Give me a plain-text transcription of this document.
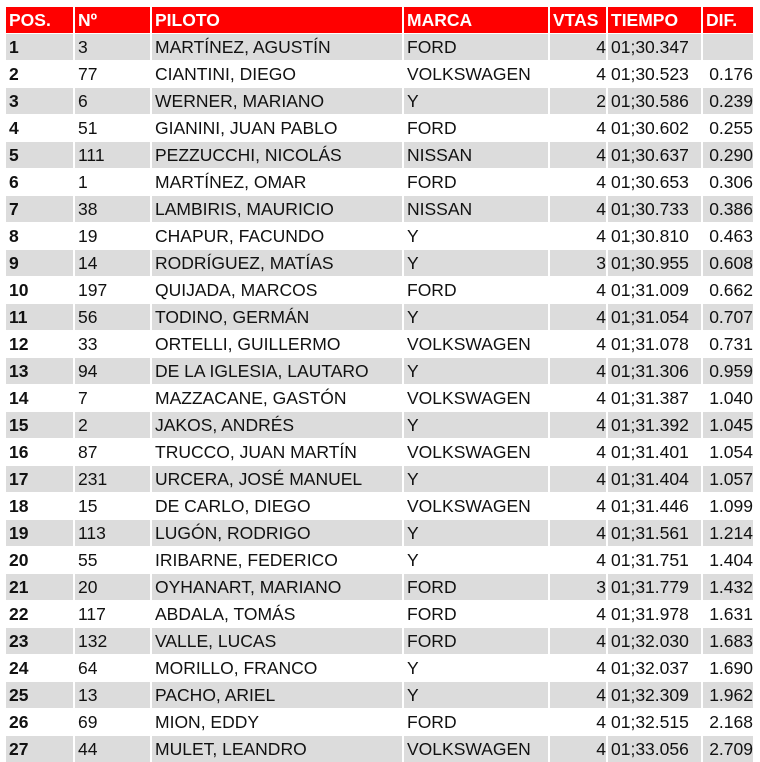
POS.	Nº	PILOTO	MARCA	VTAS	TIEMPO	DIF.
1	3	MARTÍNEZ, AGUSTÍN	FORD	4	01;30.347	
2	77	CIANTINI, DIEGO	VOLKSWAGEN	4	01;30.523	0.176
3	6	WERNER, MARIANO	Y	2	01;30.586	0.239
4	51	GIANINI, JUAN PABLO	FORD	4	01;30.602	0.255
5	111	PEZZUCCHI, NICOLÁS	NISSAN	4	01;30.637	0.290
6	1	MARTÍNEZ, OMAR	FORD	4	01;30.653	0.306
7	38	LAMBIRIS, MAURICIO	NISSAN	4	01;30.733	0.386
8	19	CHAPUR, FACUNDO	Y	4	01;30.810	0.463
9	14	RODRÍGUEZ, MATÍAS	Y	3	01;30.955	0.608
10	197	QUIJADA, MARCOS	FORD	4	01;31.009	0.662
11	56	TODINO, GERMÁN	Y	4	01;31.054	0.707
12	33	ORTELLI, GUILLERMO	VOLKSWAGEN	4	01;31.078	0.731
13	94	DE LA IGLESIA, LAUTARO	Y	4	01;31.306	0.959
14	7	MAZZACANE, GASTÓN	VOLKSWAGEN	4	01;31.387	1.040
15	2	JAKOS, ANDRÉS	Y	4	01;31.392	1.045
16	87	TRUCCO, JUAN MARTÍN	VOLKSWAGEN	4	01;31.401	1.054
17	231	URCERA, JOSÉ MANUEL	Y	4	01;31.404	1.057
18	15	DE CARLO, DIEGO	VOLKSWAGEN	4	01;31.446	1.099
19	113	LUGÓN, RODRIGO	Y	4	01;31.561	1.214
20	55	IRIBARNE, FEDERICO	Y	4	01;31.751	1.404
21	20	OYHANART, MARIANO	FORD	3	01;31.779	1.432
22	117	ABDALA, TOMÁS	FORD	4	01;31.978	1.631
23	132	VALLE, LUCAS	FORD	4	01;32.030	1.683
24	64	MORILLO, FRANCO	Y	4	01;32.037	1.690
25	13	PACHO, ARIEL	Y	4	01;32.309	1.962
26	69	MION, EDDY	FORD	4	01;32.515	2.168
27	44	MULET, LEANDRO	VOLKSWAGEN	4	01;33.056	2.709
